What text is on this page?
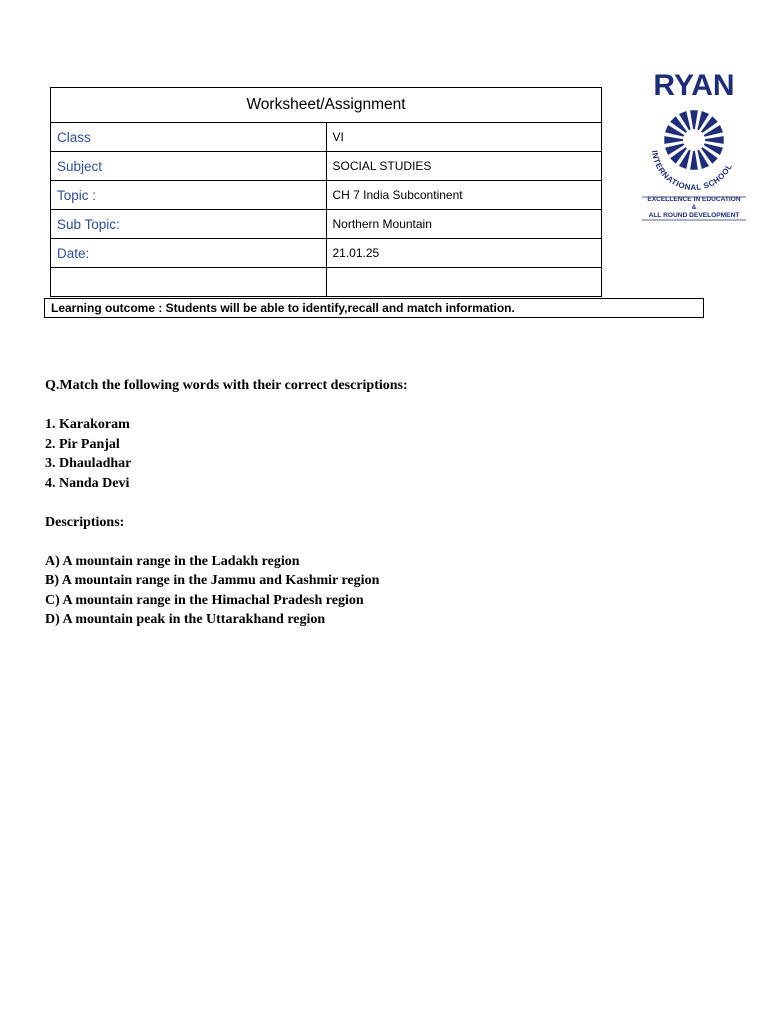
Worksheet/Assignment	
Class	VI
Subject	SOCIAL STUDIES
Topic :	CH 7 India Subcontinent
Sub Topic:	Northern Mountain
Date:	21.01.25

Learning outcome : Students will be able to identify,recall and match information.
RYAN
INTERNATIONAL SCHOOL
EXCELLENCE IN EDUCATION
&
ALL ROUND DEVELOPMENT

Q.Match the following words with their correct descriptions:

1. Karakoram

2. Pir Panjal

3. Dhauladhar

4. Nanda Devi

Descriptions:

A) A mountain range in the Ladakh region

B) A mountain range in the Jammu and Kashmir region

C) A mountain range in the Himachal Pradesh region

D) A mountain peak in the Uttarakhand region
